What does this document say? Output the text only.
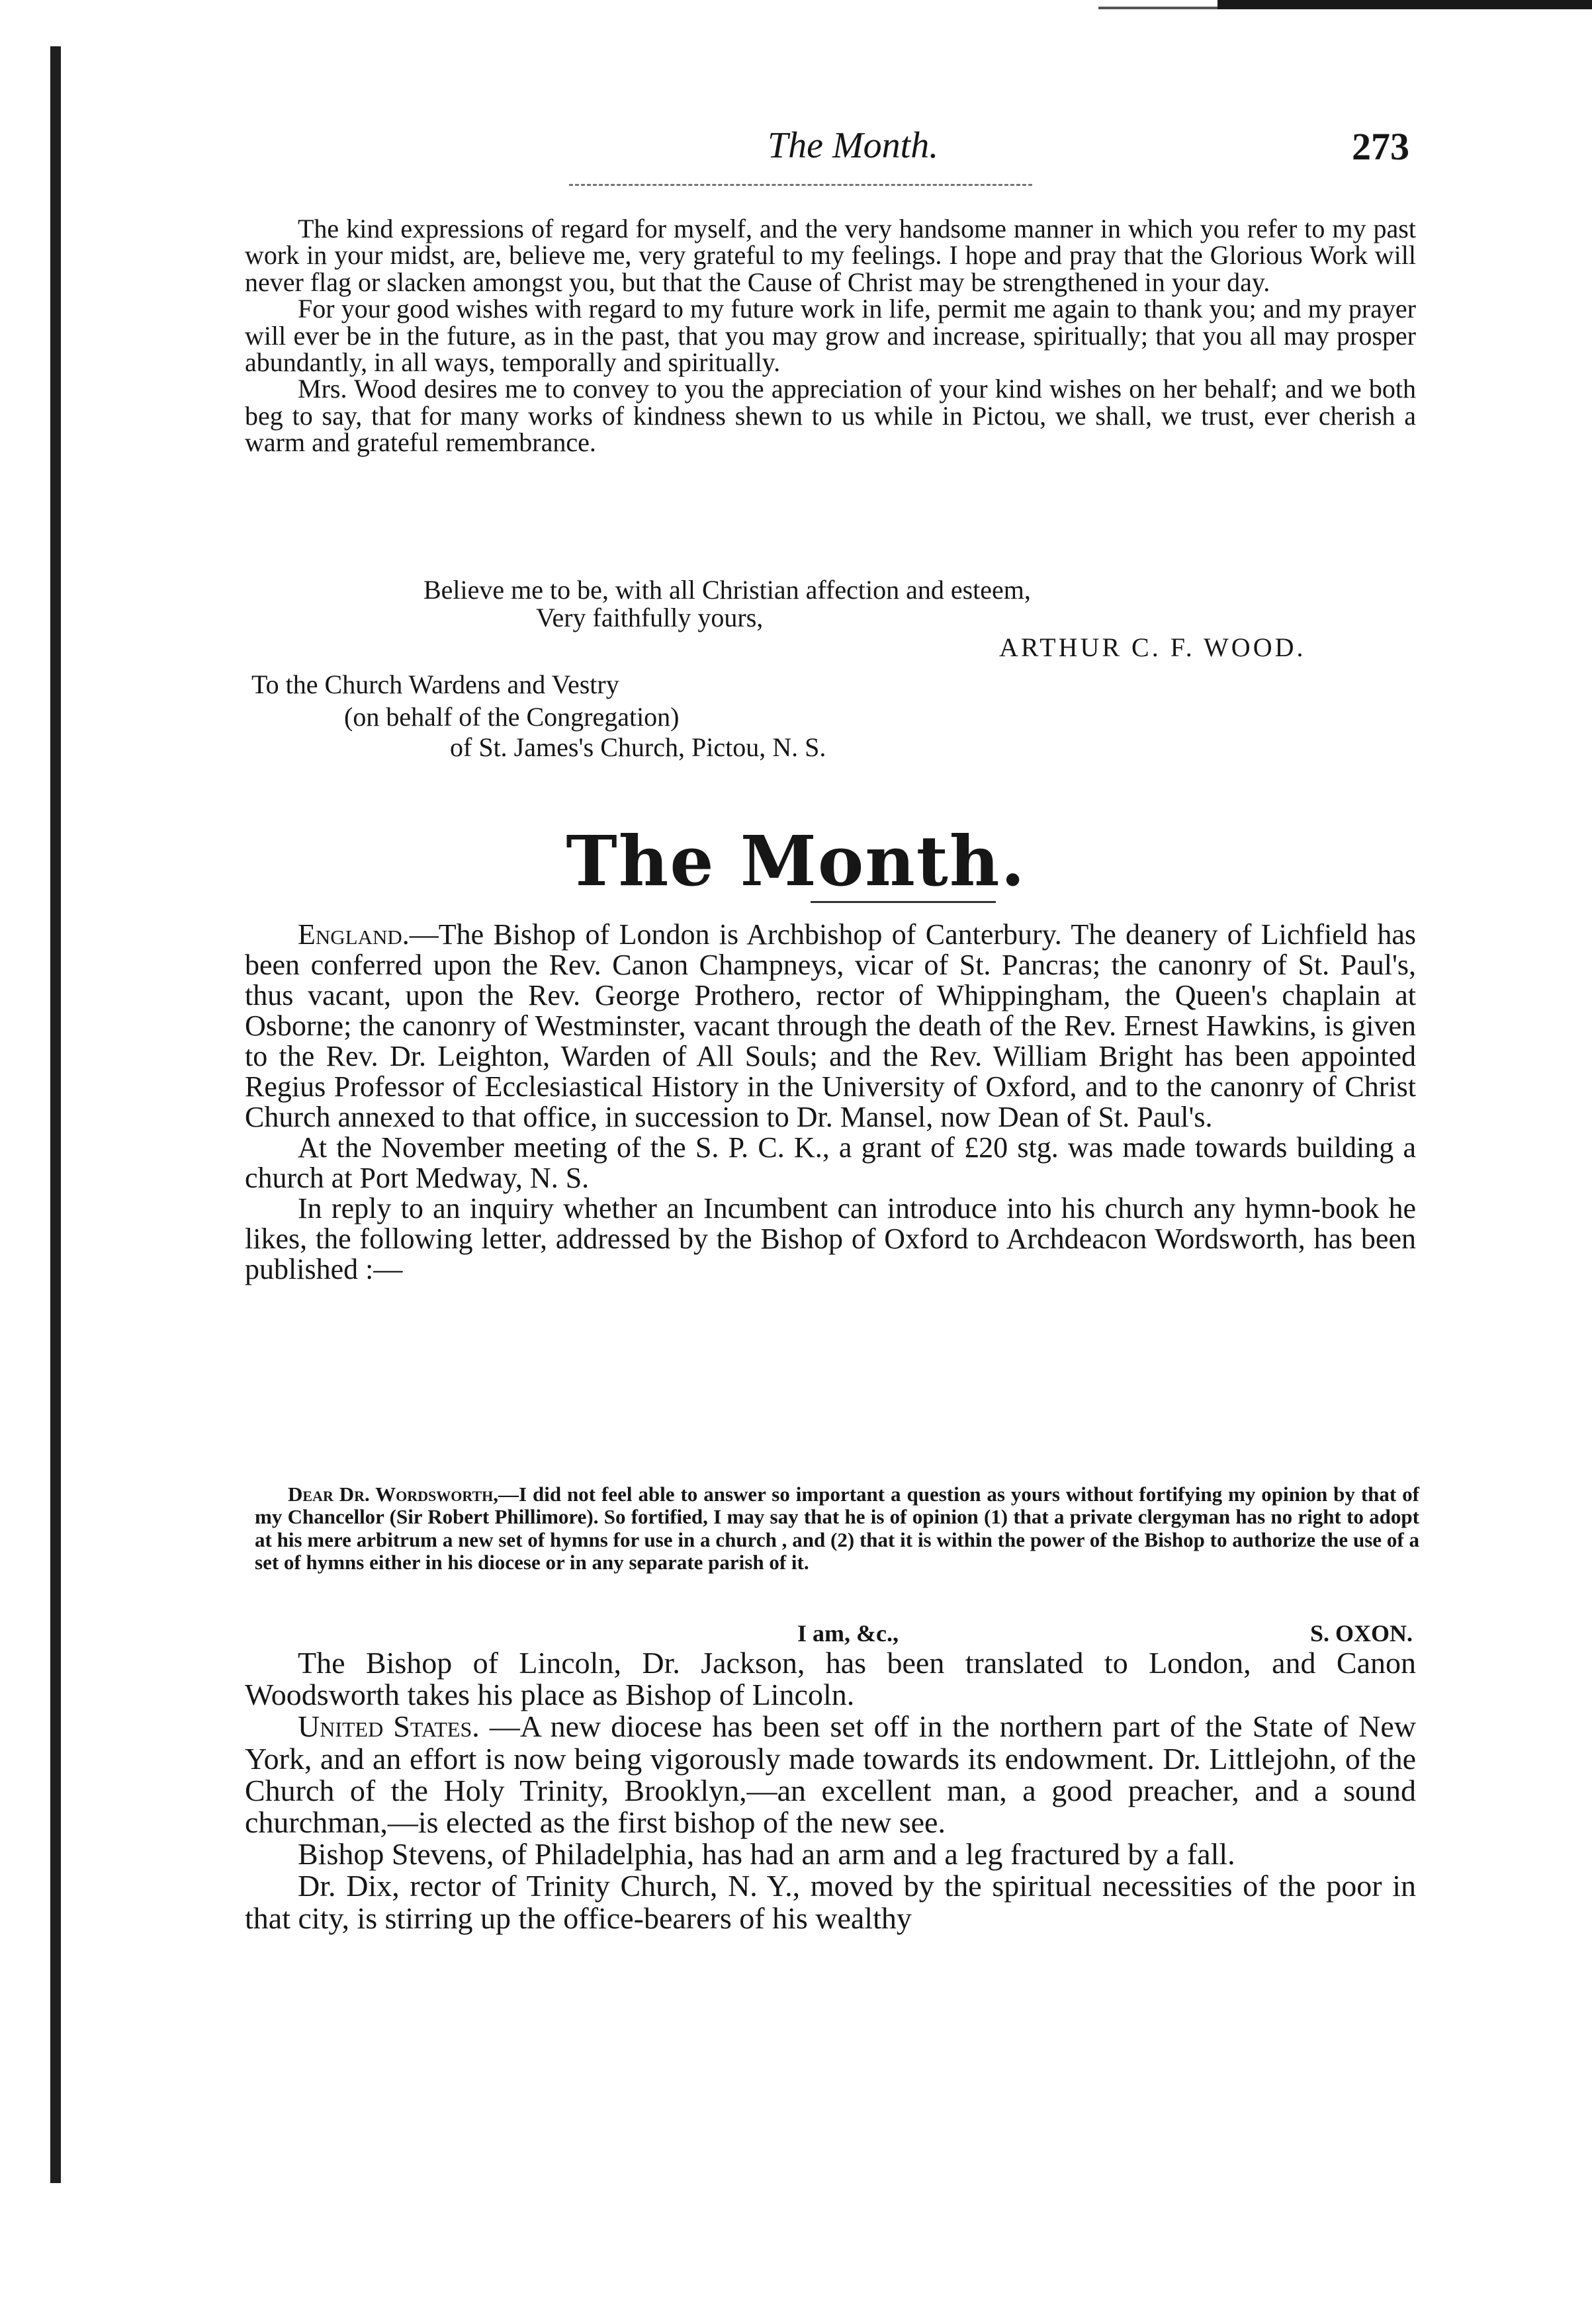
The Month.	273

The kind expressions of regard for myself, and the very handsome manner in which you refer to my past work in your midst, are, believe me, very grateful to my feelings. I hope and pray that the Glorious Work will never flag or slacken amongst you, but that the Cause of Christ may be strengthened in your day.

For your good wishes with regard to my future work in life, permit me again to thank you; and my prayer will ever be in the future, as in the past, that you may grow and increase, spiritually; that you all may prosper abundantly, in all ways, temporally and spiritually.

Mrs. Wood desires me to convey to you the appreciation of your kind wishes on her behalf; and we both beg to say, that for many works of kindness shewn to us while in Pictou, we shall, we trust, ever cherish a warm and grateful remembrance.

Believe me to be, with all Christian affection and esteem,
Very faithfully yours,
ARTHUR C. F. WOOD.
To the Church Wardens and Vestry
(on behalf of the Congregation)
of St. James's Church, Pictou, N. S.
The Month.

England.—The Bishop of London is Archbishop of Canterbury. The deanery of Lichfield has been conferred upon the Rev. Canon Champneys, vicar of St. Pancras; the canonry of St. Paul's, thus vacant, upon the Rev. George Prothero, rector of Whippingham, the Queen's chaplain at Osborne; the canonry of Westminster, vacant through the death of the Rev. Ernest Hawkins, is given to the Rev. Dr. Leighton, Warden of All Souls; and the Rev. William Bright has been appointed Regius Professor of Ecclesiastical History in the University of Oxford, and to the canonry of Christ Church annexed to that office, in succession to Dr. Mansel, now Dean of St. Paul's.

At the November meeting of the S. P. C. K., a grant of £20 stg. was made towards building a church at Port Medway, N. S.

In reply to an inquiry whether an Incumbent can introduce into his church any hymn-book he likes, the following letter, addressed by the Bishop of Oxford to Archdeacon Wordsworth, has been published :—

Dear Dr. Wordsworth,—I did not feel able to answer so important a question as yours without fortifying my opinion by that of my Chancellor (Sir Robert Phillimore). So fortified, I may say that he is of opinion (1) that a private clergyman has no right to adopt at his mere arbitrum a new set of hymns for use in a church , and (2) that it is within the power of the Bishop to authorize the use of a set of hymns either in his diocese or in any separate parish of it.

I am, &c.,	S. OXON.

The Bishop of Lincoln, Dr. Jackson, has been translated to London, and Canon Woodsworth takes his place as Bishop of Lincoln.

United States. —A new diocese has been set off in the northern part of the State of New York, and an effort is now being vigorously made towards its endowment. Dr. Littlejohn, of the Church of the Holy Trinity, Brooklyn,—an excellent man, a good preacher, and a sound churchman,—is elected as the first bishop of the new see.

Bishop Stevens, of Philadelphia, has had an arm and a leg fractured by a fall.

Dr. Dix, rector of Trinity Church, N. Y., moved by the spiritual necessities of the poor in that city, is stirring up the office-bearers of his wealthy
